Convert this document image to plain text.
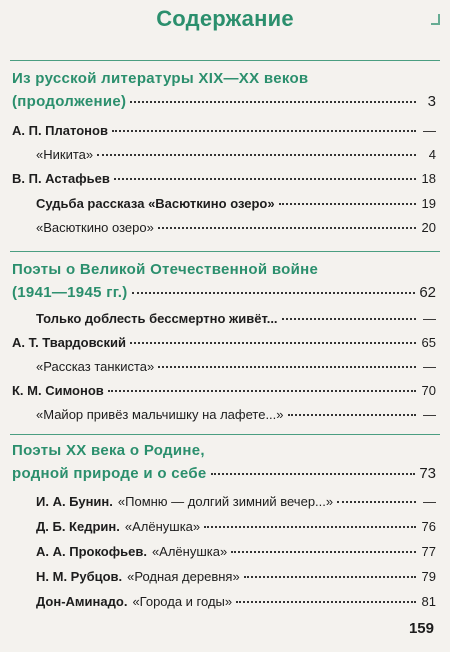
Содержание
Из русской литературы XIX—XX веков
(продолжение)	3
А. П. Платонов	—
«Никита»	4
В. П. Астафьев	18
Судьба рассказа «Васюткино озеро»	19
«Васюткино озеро»	20
Поэты о Великой Отечественной войне
(1941—1945 гг.)	62
Только доблесть бессмертно живёт...	—
А. Т. Твардовский	65
«Рассказ танкиста»	—
К. М. Симонов	70
«Майор привёз мальчишку на лафете...»	—
Поэты XX века о Родине,
родной природе и о себе	73
И. А. Бунин. «Помню — долгий зимний вечер...»	—
Д. Б. Кедрин. «Алёнушка»	76
А. А. Прокофьев. «Алёнушка»	77
Н. М. Рубцов. «Родная деревня»	79
Дон-Аминадо. «Города и годы»	81
159
